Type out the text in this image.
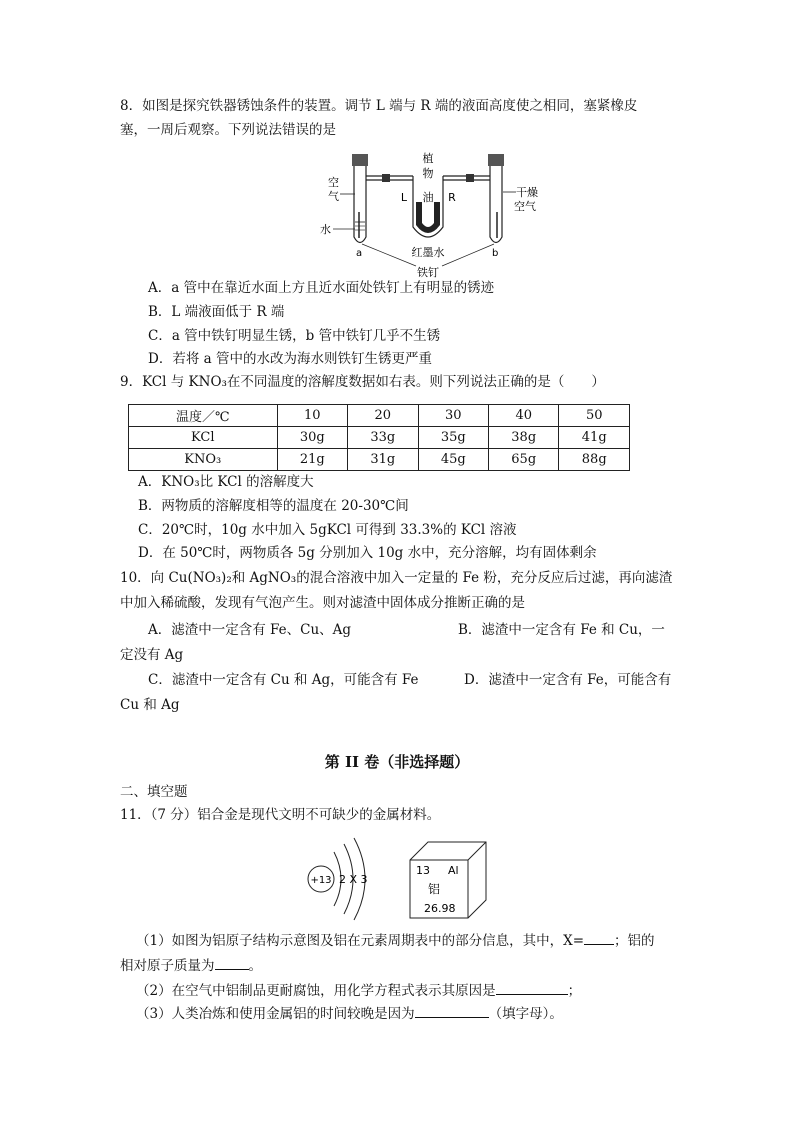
8．如图是探究铁器锈蚀条件的装置。调节 L 端与 R 端的液面高度使之相同，塞紧橡皮
塞，一周后观察。下列说法错误的是
植
物
油
L	R
空
气
水
a	b
干燥
空气
红墨水
铁钉
A．a 管中在靠近水面上方且近水面处铁钉上有明显的锈迹
B．L 端液面低于 R 端
C．a 管中铁钉明显生锈，b 管中铁钉几乎不生锈
D．若将 a 管中的水改为海水则铁钉生锈更严重
9．KCl 与 KNO₃在不同温度的溶解度数据如右表。则下列说法正确的是（　　）
温度／℃	10	20	30	40	50
KCl	30g	33g	35g	38g	41g
KNO₃	21g	31g	45g	65g	88g
A．KNO₃比 KCl 的溶解度大
B．两物质的溶解度相等的温度在 20-30℃间
C．20℃时，10g 水中加入 5gKCl 可得到 33.3%的 KCl 溶液
D．在 50℃时，两物质各 5g 分别加入 10g 水中，充分溶解，均有固体剩余
10．向 Cu(NO₃)₂和 AgNO₃的混合溶液中加入一定量的 Fe 粉，充分反应后过滤，再向滤渣
中加入稀硫酸，发现有气泡产生。则对滤渣中固体成分推断正确的是
A．滤渣中一定含有 Fe、Cu、Ag	B．滤渣中一定含有 Fe 和 Cu，一
定没有 Ag
C．滤渣中一定含有 Cu 和 Ag，可能含有 Fe	D．滤渣中一定含有 Fe，可能含有
Cu 和 Ag
第 II 卷（非选择题）
二、填空题
11．（7 分）铝合金是现代文明不可缺少的金属材料。
+13 2 X 3
13 Al
铝
26.98
（1）如图为铝原子结构示意图及铝在元素周期表中的部分信息，其中，X= ；铝的
相对原子质量为	。
（2）在空气中铝制品更耐腐蚀，用化学方程式表示其原因是	；
（3）人类冶炼和使用金属铝的时间较晚是因为	（填字母）。
